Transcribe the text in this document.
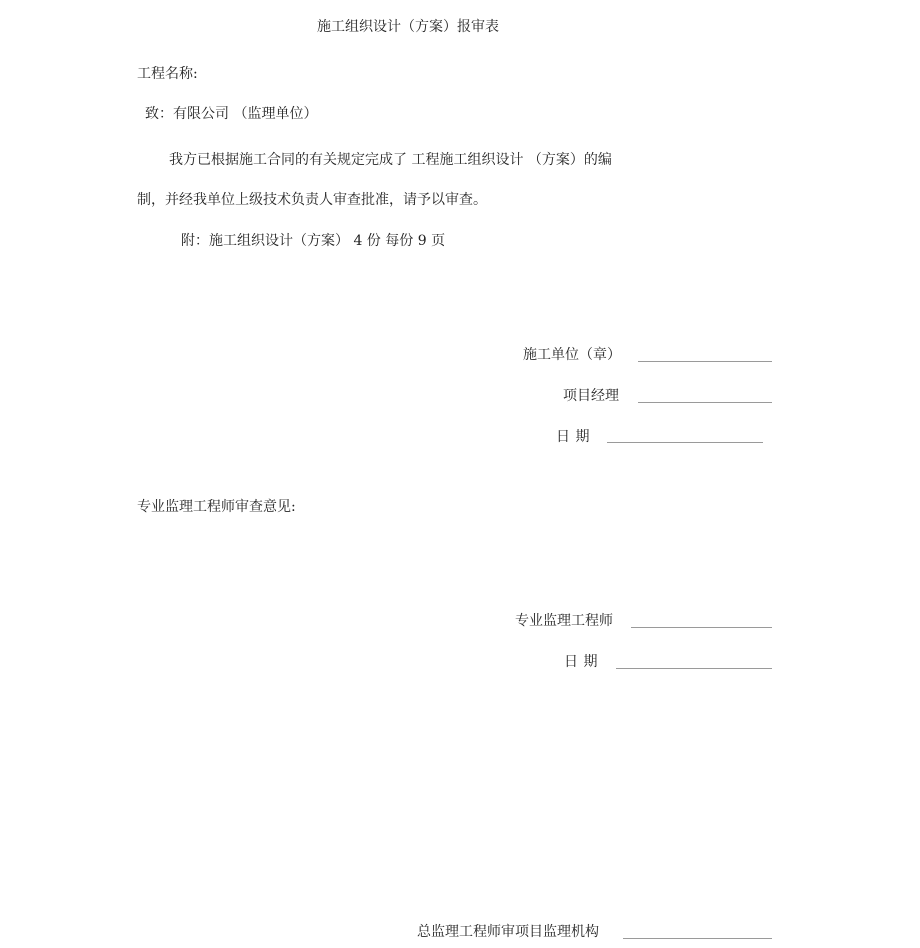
施工组织设计（方案）报审表
工程名称:
致：有限公司 （监理单位）
我方已根据施工合同的有关规定完成了 工程施工组织设计 （方案）的编
制，并经我单位上级技术负责人审查批准，请予以审查。
附：施工组织设计（方案） 4 份 每份 9 页
施工单位（章）
项目经理
日 期
专业监理工程师审查意见:
专业监理工程师
日 期
总监理工程师审项目监理机构
